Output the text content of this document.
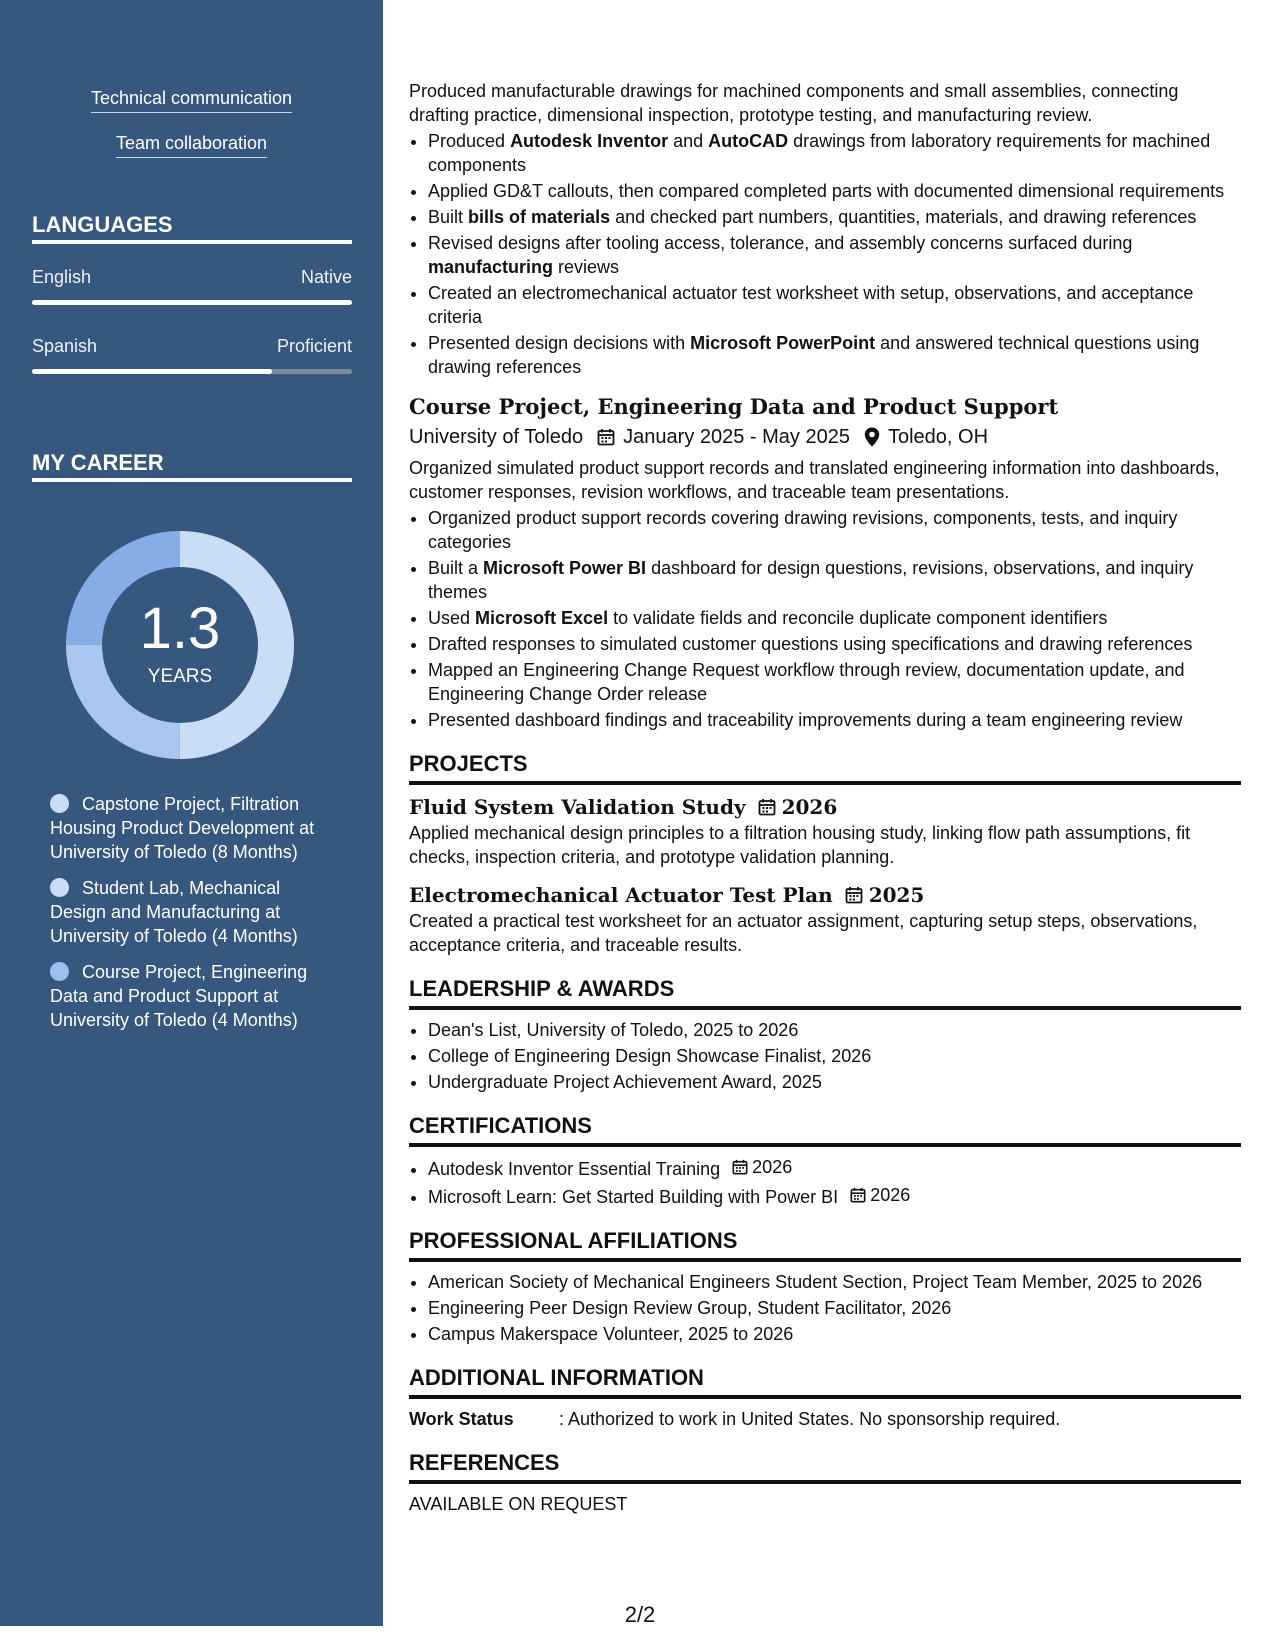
Technical communication
Team collaboration
LANGUAGES
English	Native
Spanish	Proficient
MY CAREER
1.3
YEARS
Capstone Project, Filtration Housing Product Development at University of Toledo (8 Months)
Student Lab, Mechanical Design and Manufacturing at University of Toledo (4 Months)
Course Project, Engineering Data and Product Support at University of Toledo (4 Months)

Produced manufacturable drawings for machined components and small assemblies, connecting drafting practice, dimensional inspection, prototype testing, and manufacturing review.

• Produced Autodesk Inventor and AutoCAD drawings from laboratory requirements for machined components
• Applied GD&T callouts, then compared completed parts with documented dimensional requirements
• Built bills of materials and checked part numbers, quantities, materials, and drawing references
• Revised designs after tooling access, tolerance, and assembly concerns surfaced during manufacturing reviews
• Created an electromechanical actuator test worksheet with setup, observations, and acceptance criteria
• Presented design decisions with Microsoft PowerPoint and answered technical questions using drawing references
Course Project, Engineering Data and Product Support
University of Toledo January 2025 - May 2025 Toledo, OH

Organized simulated product support records and translated engineering information into dashboards, customer responses, revision workflows, and traceable team presentations.

• Organized product support records covering drawing revisions, components, tests, and inquiry categories
• Built a Microsoft Power BI dashboard for design questions, revisions, observations, and inquiry themes
• Used Microsoft Excel to validate fields and reconcile duplicate component identifiers
• Drafted responses to simulated customer questions using specifications and drawing references
• Mapped an Engineering Change Request workflow through review, documentation update, and Engineering Change Order release
• Presented dashboard findings and traceability improvements during a team engineering review
PROJECTS
Fluid System Validation Study 2026

Applied mechanical design principles to a filtration housing study, linking flow path assumptions, fit checks, inspection criteria, and prototype validation planning.

Electromechanical Actuator Test Plan 2025

Created a practical test worksheet for an actuator assignment, capturing setup steps, observations, acceptance criteria, and traceable results.

LEADERSHIP & AWARDS
• Dean's List, University of Toledo, 2025 to 2026
• College of Engineering Design Showcase Finalist, 2026
• Undergraduate Project Achievement Award, 2025
CERTIFICATIONS
• Autodesk Inventor Essential Training 2026
• Microsoft Learn: Get Started Building with Power BI 2026
PROFESSIONAL AFFILIATIONS
• American Society of Mechanical Engineers Student Section, Project Team Member, 2025 to 2026
• Engineering Peer Design Review Group, Student Facilitator, 2026
• Campus Makerspace Volunteer, 2025 to 2026
ADDITIONAL INFORMATION
Work Status	: Authorized to work in United States. No sponsorship required.
REFERENCES

AVAILABLE ON REQUEST

2/2
